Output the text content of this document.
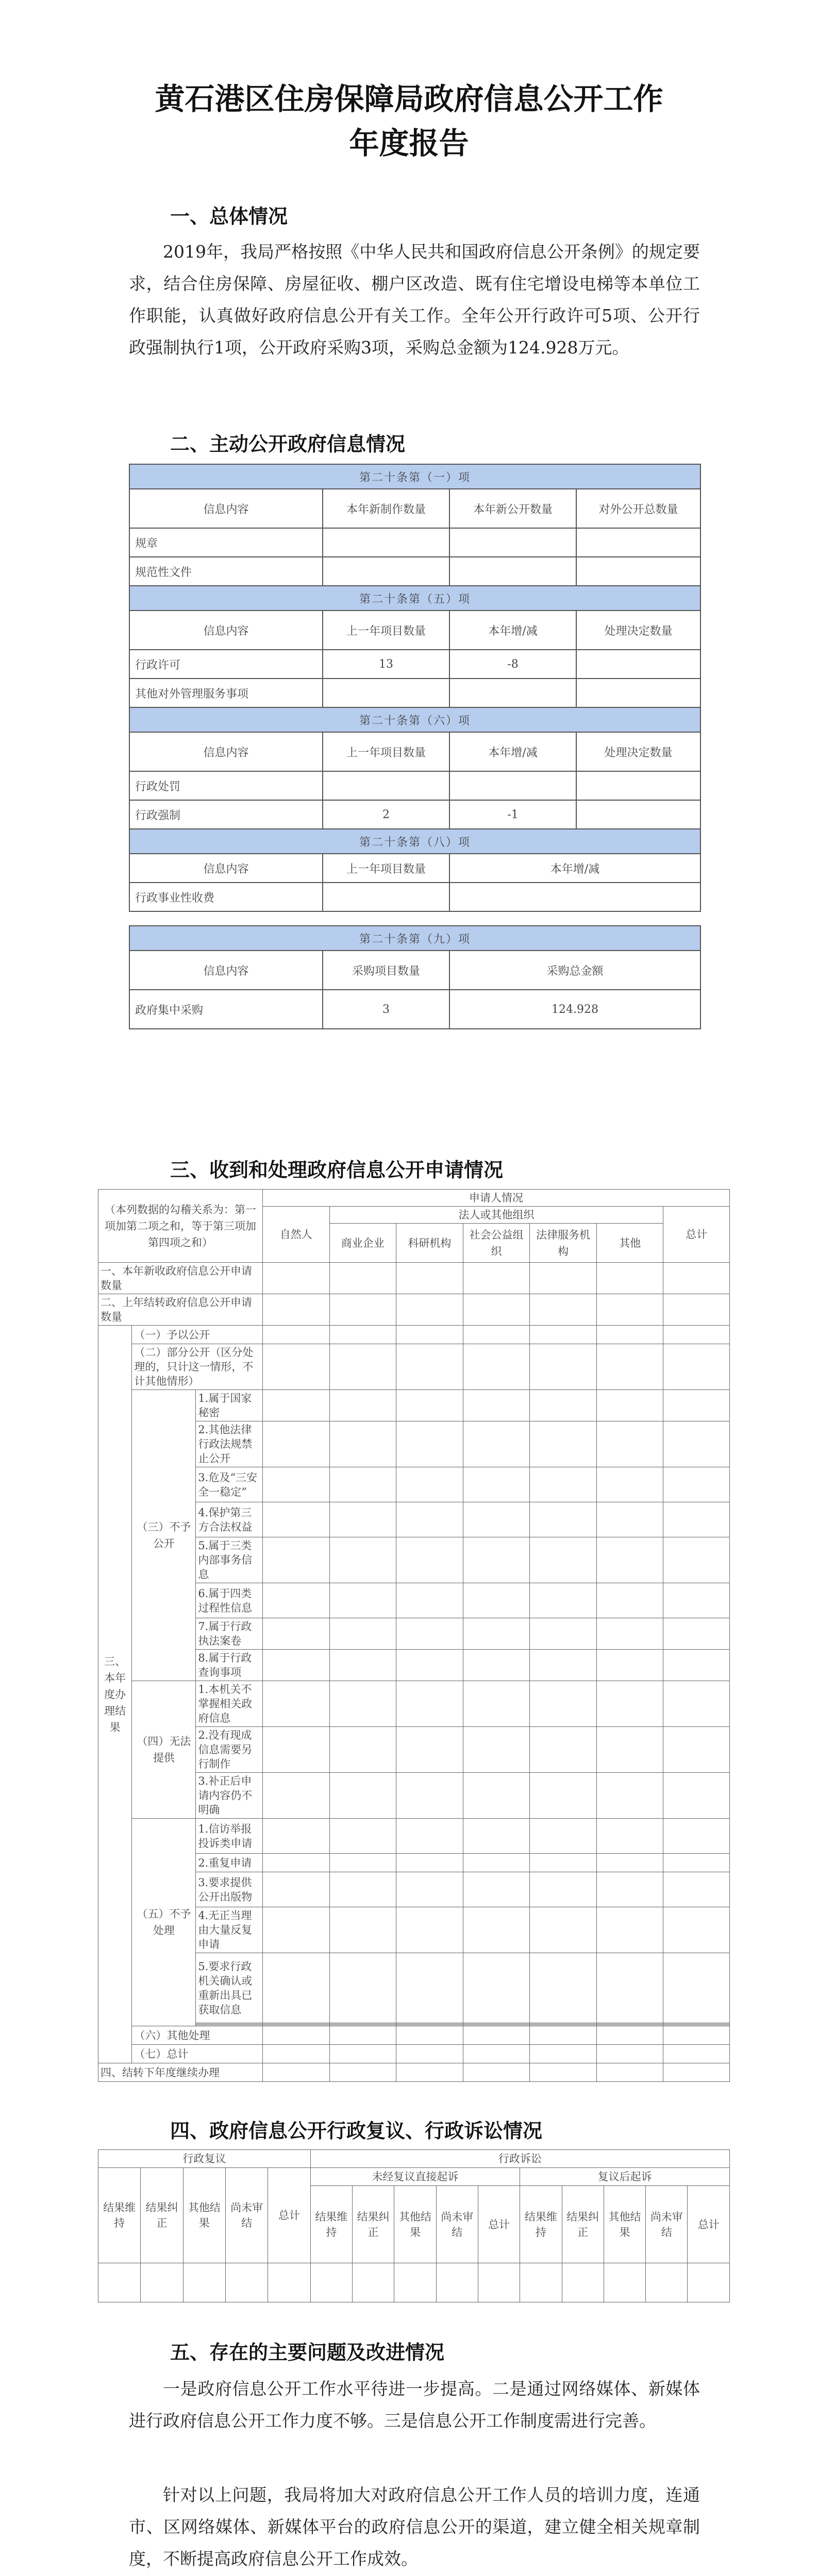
黄石港区住房保障局政府信息公开工作
年度报告
一、总体情况

2019年，我局严格按照《中华人民共和国政府信息公开条例》的规定要求，结合住房保障、房屋征收、棚户区改造、既有住宅增设电梯等本单位工作职能，认真做好政府信息公开有关工作。全年公开行政许可5项、公开行政强制执行1项，公开政府采购3项，采购总金额为124.928万元。

二、主动公开政府信息情况
第二十条第（一）项			
信息内容	本年新制作数量	本年新公开数量	对外公开总数量
规章			
规范性文件			
第二十条第（五）项			
信息内容	上一年项目数量	本年增/减	处理决定数量
行政许可	13	-8	
其他对外管理服务事项			
第二十条第（六）项			
信息内容	上一年项目数量	本年增/减	处理决定数量
行政处罚			
行政强制	2	-1	
第二十条第（八）项			
信息内容	上一年项目数量	本年增/减	
行政事业性收费			

第二十条第（九）项			
信息内容	采购项目数量	采购总金额	
政府集中采购	3	124.928	
三、收到和处理政府信息公开申请情况
（本列数据的勾稽关系为：第一项加第二项之和，等于第三项加第四项之和）			申请人情况						
			自然人	法人或其他组织					总计
				商业企业	科研机构	社会公益组织	法律服务机构	其他	
一、本年新收政府信息公开申请数量									
二、上年结转政府信息公开申请数量									
三、本年度办理结果	（一）予以公开								
	（二）部分公开（区分处理的，只计这一情形，不计其他情形）								
	（三）不予公开	1.属于国家秘密							
		2.其他法律行政法规禁止公开							
		3.危及“三安全一稳定”							
		4.保护第三方合法权益							
		5.属于三类内部事务信息							
		6.属于四类过程性信息							
		7.属于行政执法案卷							
		8.属于行政查询事项							
	（四）无法提供	1.本机关不掌握相关政府信息							
		2.没有现成信息需要另行制作							
		3.补正后申请内容仍不明确							
	（五）不予处理	1.信访举报投诉类申请							
		2.重复申请							
		3.要求提供公开出版物							
		4.无正当理由大量反复申请							
		5.要求行政机关确认或重新出具已获取信息							

	（六）其他处理								
	（七）总计								
四、结转下年度继续办理									
四、政府信息公开行政复议、行政诉讼情况
行政复议					行政诉讼									
结果维持	结果纠正	其他结果	尚未审结	总计	未经复议直接起诉					复议后起诉				
					结果维持	结果纠正	其他结果	尚未审结	总计	结果维持	结果纠正	其他结果	尚未审结	总计

五、存在的主要问题及改进情况

一是政府信息公开工作水平待进一步提高。二是通过网络媒体、新媒体进行政府信息公开工作力度不够。三是信息公开工作制度需进行完善。

针对以上问题，我局将加大对政府信息公开工作人员的培训力度，连通市、区网络媒体、新媒体平台的政府信息公开的渠道，建立健全相关规章制度，不断提高政府信息公开工作成效。
